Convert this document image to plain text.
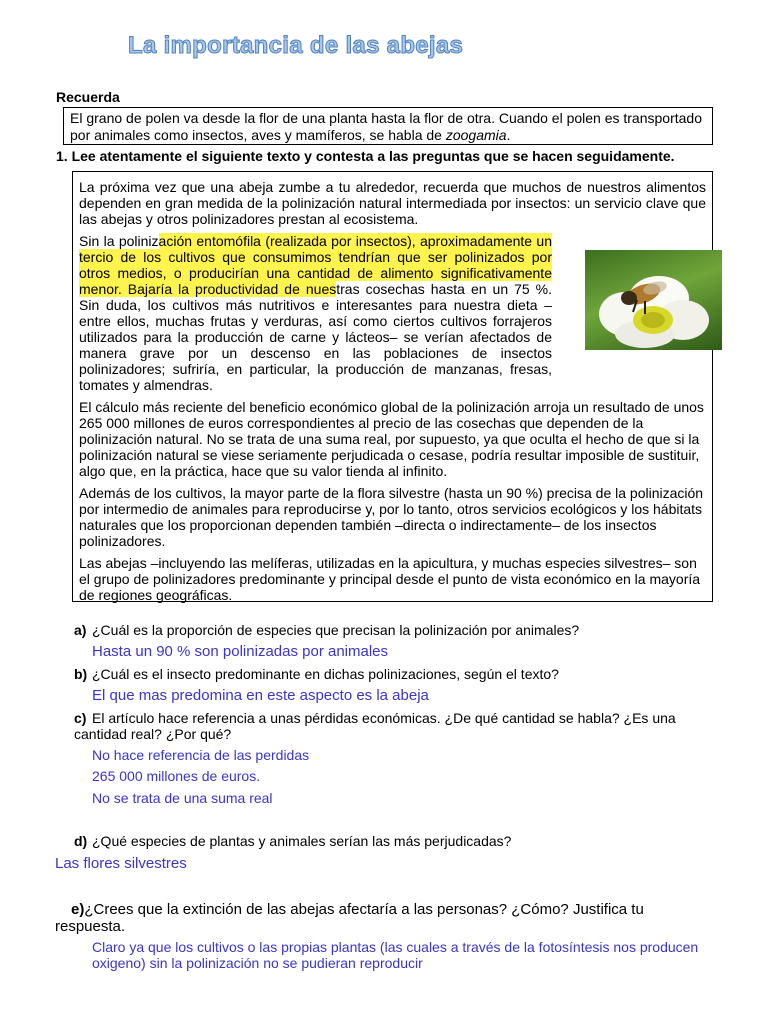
La importancia de las abejas
Recuerda
El grano de polen va desde la flor de una planta hasta la flor de otra. Cuando el polen es transportado por animales como insectos, aves y mamíferos, se habla de zoogamia.
1. Lee atentamente el siguiente texto y contesta a las preguntas que se hacen seguidamente.

La próxima vez que una abeja zumbe a tu alrededor, recuerda que muchos de nuestros alimentos dependen en gran medida de la polinización natural intermediada por insectos: un servicio clave que las abejas y otros polinizadores prestan al ecosistema.

Sin la polinización entomófila (realizada por insectos), aproximadamente un tercio de los cultivos que consumimos tendrían que ser polinizados por otros medios, o producirían una cantidad de alimento significativamente menor. Bajaría la productividad de nuestras cosechas hasta en un 75 %. Sin duda, los cultivos más nutritivos e interesantes para nuestra dieta – entre ellos, muchas frutas y verduras, así como ciertos cultivos forrajeros utilizados para la producción de carne y lácteos– se verían afectados de manera grave por un descenso en las poblaciones de insectos polinizadores; sufriría, en particular, la producción de manzanas, fresas, tomates y almendras.

El cálculo más reciente del beneficio económico global de la polinización arroja un resultado de unos 265 000 millones de euros correspondientes al precio de las cosechas que dependen de la polinización natural. No se trata de una suma real, por supuesto, ya que oculta el hecho de que si la polinización natural se viese seriamente perjudicada o cesase, podría resultar imposible de sustituir, algo que, en la práctica, hace que su valor tienda al infinito.

Además de los cultivos, la mayor parte de la flora silvestre (hasta un 90 %) precisa de la polinización por intermedio de animales para reproducirse y, por lo tanto, otros servicios ecológicos y los hábitats naturales que los proporcionan dependen también –directa o indirectamente– de los insectos polinizadores.

Las abejas –incluyendo las melíferas, utilizadas en la apicultura, y muchas especies silvestres– son el grupo de polinizadores predominante y principal desde el punto de vista económico en la mayoría de regiones geográficas.

a) ¿Cuál es la proporción de especies que precisan la polinización por animales?
Hasta un 90 % son polinizadas por animales
b) ¿Cuál es el insecto predominante en dichas polinizaciones, según el texto?
El que mas predomina en este aspecto es la abeja
c) El artículo hace referencia a unas pérdidas económicas. ¿De qué cantidad se habla? ¿Es una cantidad real? ¿Por qué?
No hace referencia de las perdidas
265 000 millones de euros.
No se trata de una suma real
d) ¿Qué especies de plantas y animales serían las más perjudicadas?
Las flores silvestres
e)¿Crees que la extinción de las abejas afectaría a las personas? ¿Cómo? Justifica tu respuesta.
Claro ya que los cultivos o las propias plantas (las cuales a través de la fotosíntesis nos producen oxigeno) sin la polinización no se pudieran reproducir
